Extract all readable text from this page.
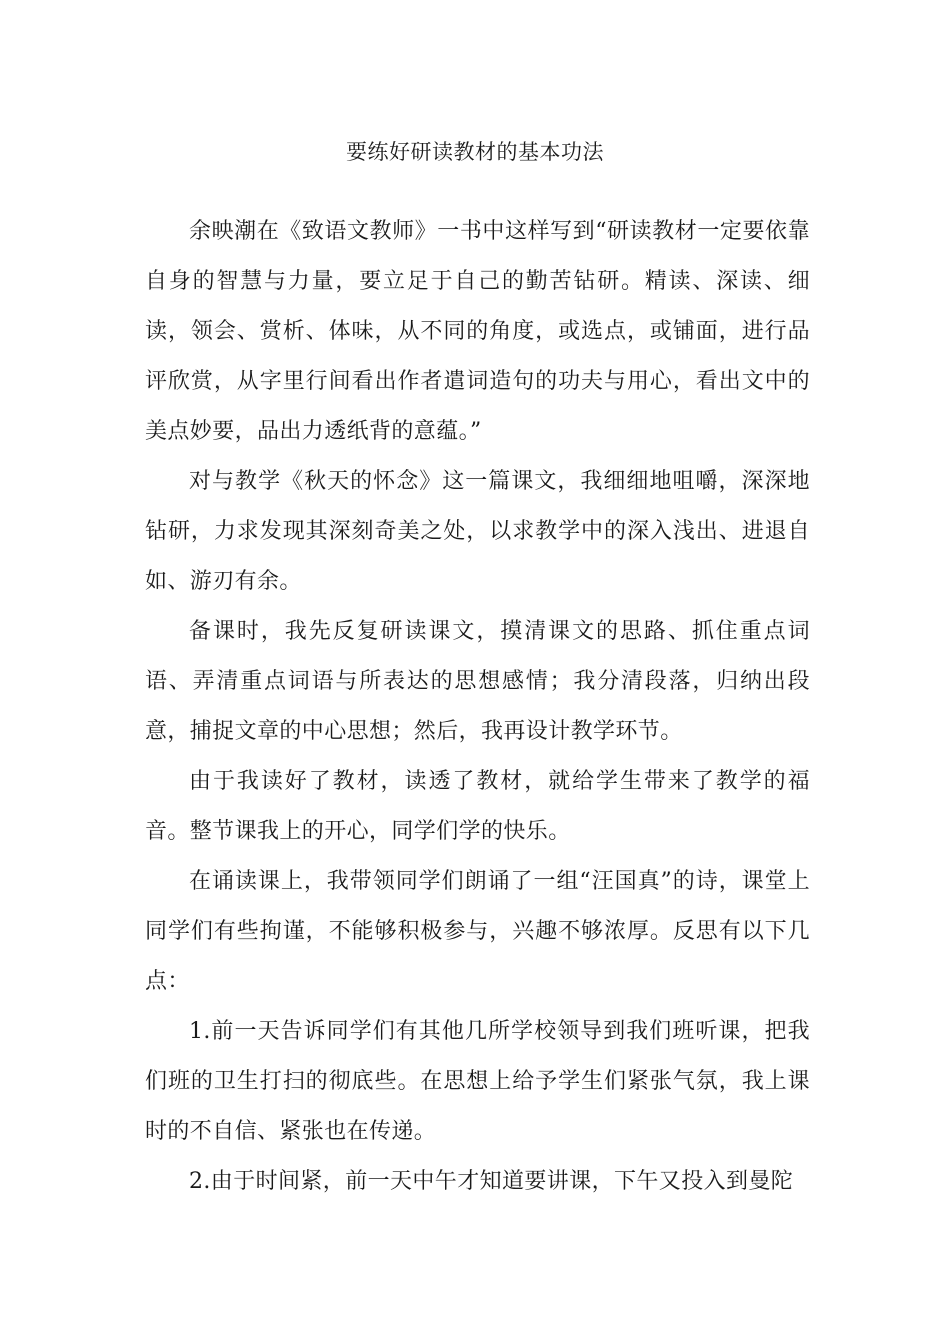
要练好研读教材的基本功法

余映潮在《致语文教师》一书中这样写到“研读教材一定要依靠自身的智慧与力量，要立足于自己的勤苦钻研。精读、深读、细读，领会、赏析、体味，从不同的角度，或选点，或铺面，进行品评欣赏，从字里行间看出作者遣词造句的功夫与用心，看出文中的美点妙要，品出力透纸背的意蕴。”

对与教学《秋天的怀念》这一篇课文，我细细地咀嚼，深深地钻研，力求发现其深刻奇美之处，以求教学中的深入浅出、进退自如、游刃有余。

备课时，我先反复研读课文，摸清课文的思路、抓住重点词语、弄清重点词语与所表达的思想感情；我分清段落，归纳出段意，捕捉文章的中心思想；然后，我再设计教学环节。

由于我读好了教材，读透了教材，就给学生带来了教学的福音。整节课我上的开心，同学们学的快乐。

在诵读课上，我带领同学们朗诵了一组“汪国真”的诗，课堂上同学们有些拘谨，不能够积极参与，兴趣不够浓厚。反思有以下几点：

1.前一天告诉同学们有其他几所学校领导到我们班听课，把我们班的卫生打扫的彻底些。在思想上给予学生们紧张气氛，我上课时的不自信、紧张也在传递。

2.由于时间紧，前一天中午才知道要讲课，下午又投入到曼陀
